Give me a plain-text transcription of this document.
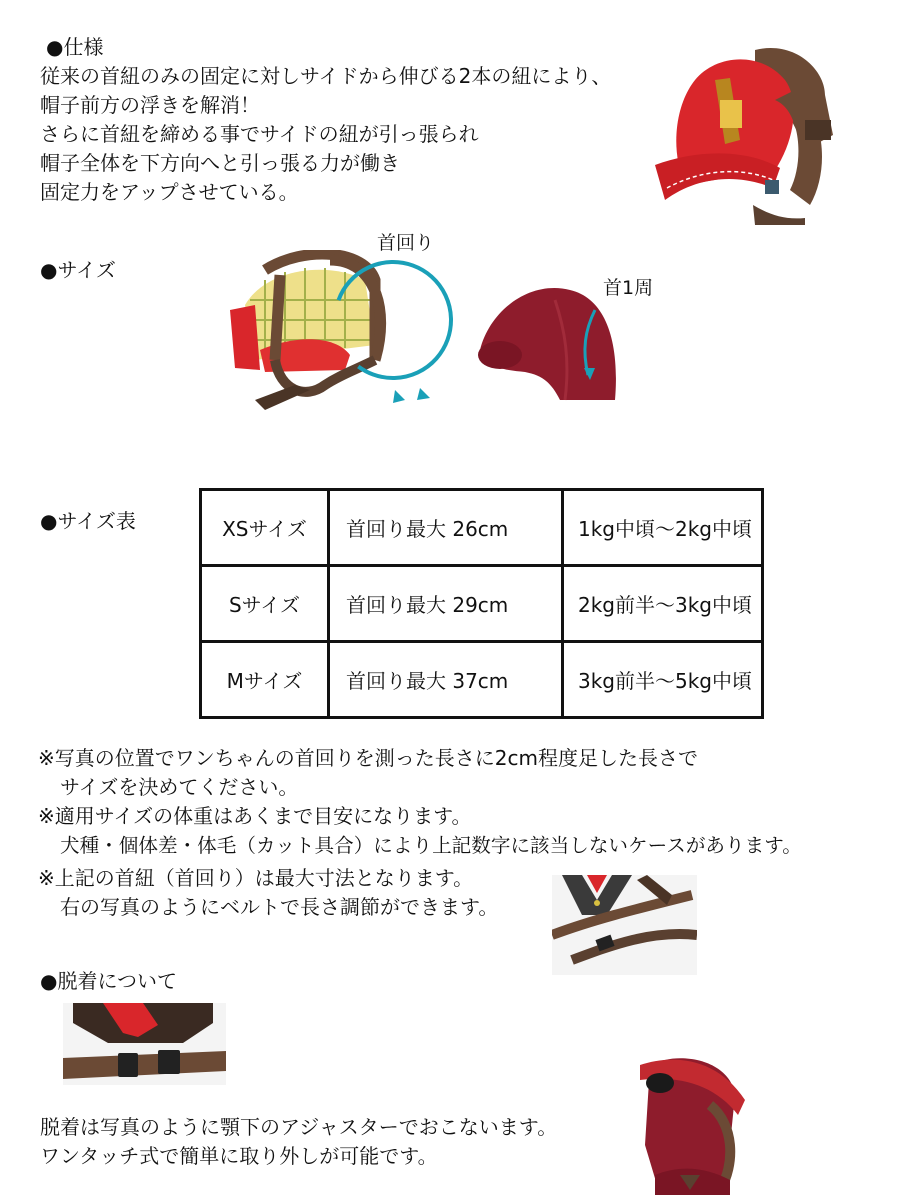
●仕様
従来の首紐のみの固定に対しサイドから伸びる2本の紐により、
帽子前方の浮きを解消！
さらに首紐を締める事でサイドの紐が引っ張られ
帽子全体を下方向へと引っ張る力が働き
固定力をアップさせている。
●サイズ
首回り
首1周
●サイズ表	XSサイズ	首回り最大 26cm	1kg中頃～2kg中頃
Sサイズ	首回り最大 29cm	2kg前半～3kg中頃
Mサイズ	首回り最大 37cm	3kg前半～5kg中頃
※写真の位置でワンちゃんの首回りを測った長さに2cm程度足した長さで
サイズを決めてください。
※適用サイズの体重はあくまで目安になります。
犬種・個体差・体毛（カット具合）により上記数字に該当しないケースがあります。
※上記の首紐（首回り）は最大寸法となります。
右の写真のようにベルトで長さ調節ができます。
●脱着について
脱着は写真のように顎下のアジャスターでおこないます。
ワンタッチ式で簡単に取り外しが可能です。
